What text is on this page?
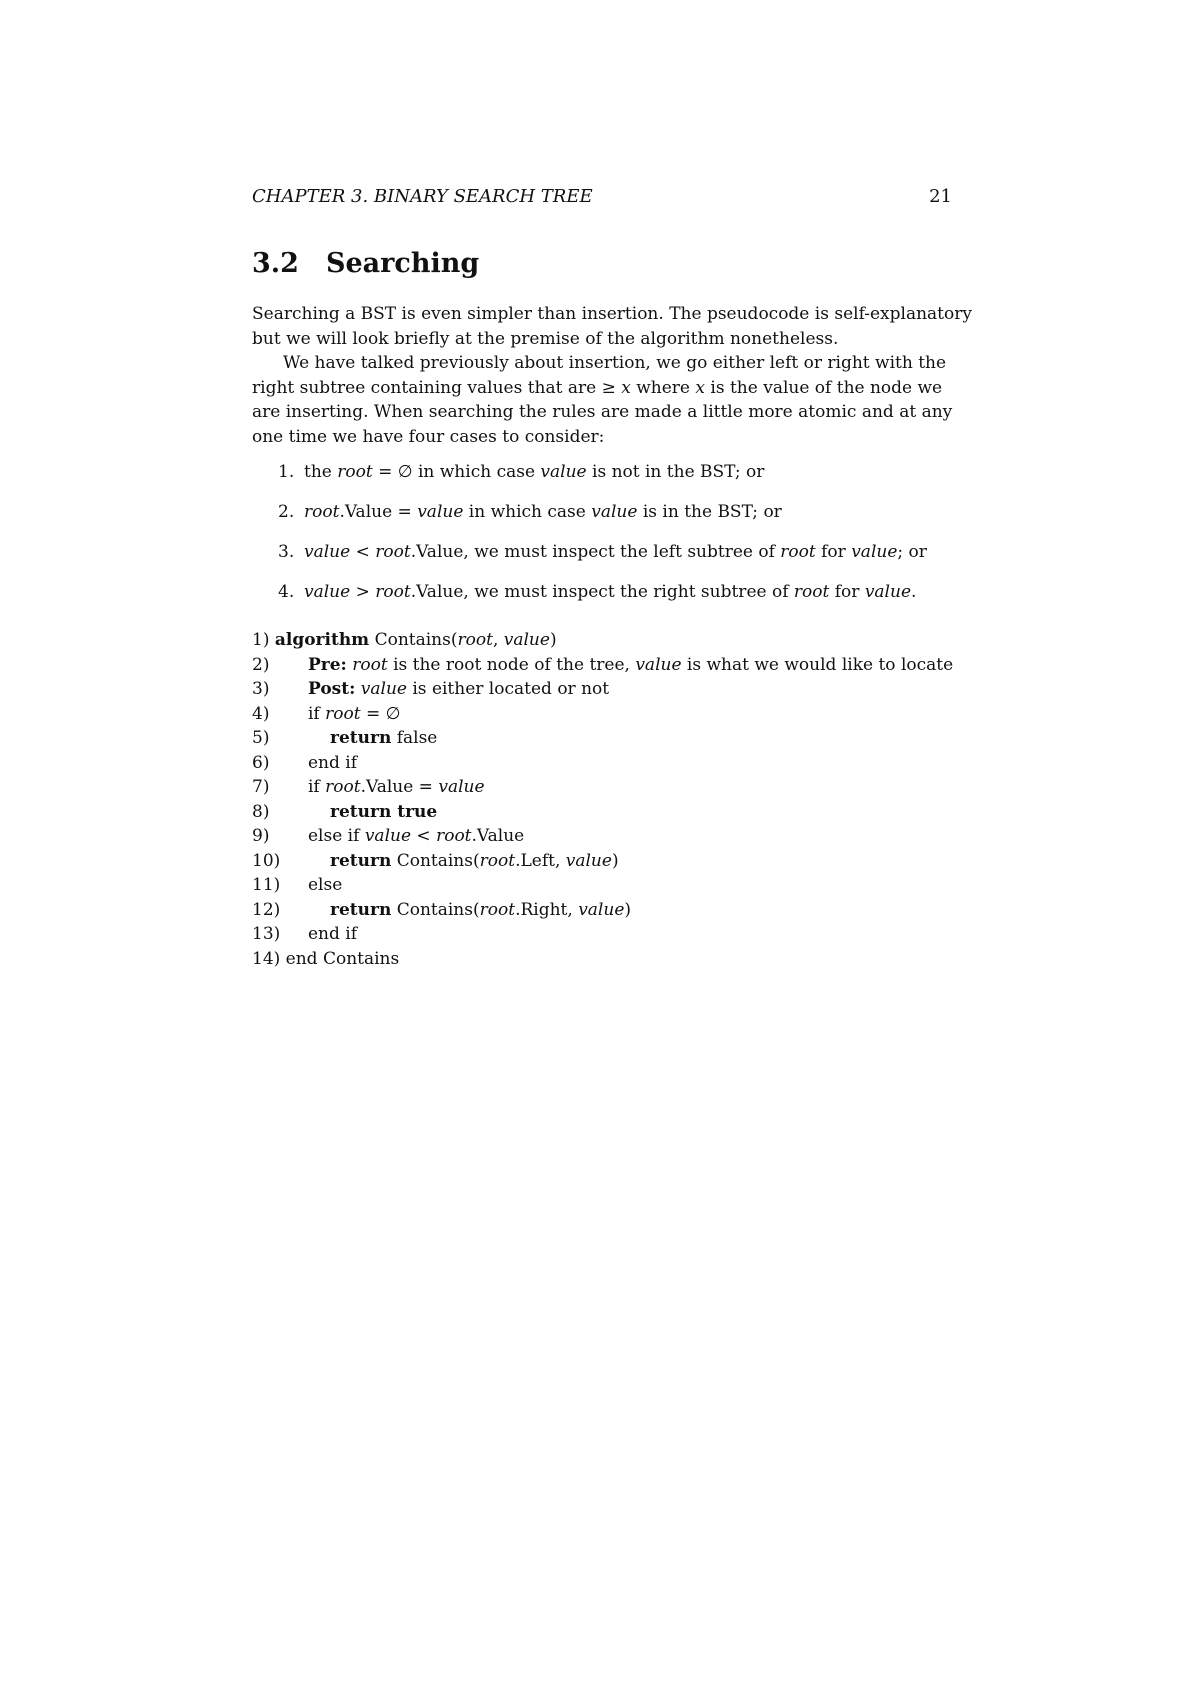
CHAPTER 3. BINARY SEARCH TREE	21
3.2 Searching

Searching a BST is even simpler than insertion. The pseudocode is self-explanatory but we will look briefly at the premise of the algorithm nonetheless.

We have talked previously about insertion, we go either left or right with the right subtree containing values that are ≥ x where x is the value of the node we are inserting. When searching the rules are made a little more atomic and at any one time we have four cases to consider:

1. the root = ∅ in which case value is not in the BST; or
2. root.Value = value in which case value is in the BST; or
3. value < root.Value, we must inspect the left subtree of root for value; or
4. value > root.Value, we must inspect the right subtree of root for value.
1) algorithm Contains(root, value)
2) Pre: root is the root node of the tree, value is what we would like to locate
3) Post: value is either located or not
4) if root = ∅
5)	return false
6) end if
7) if root.Value = value
8)	return true
9) else if value < root.Value
10)	return Contains(root.Left, value)
11) else
12)	return Contains(root.Right, value)
13) end if
14) end Contains
